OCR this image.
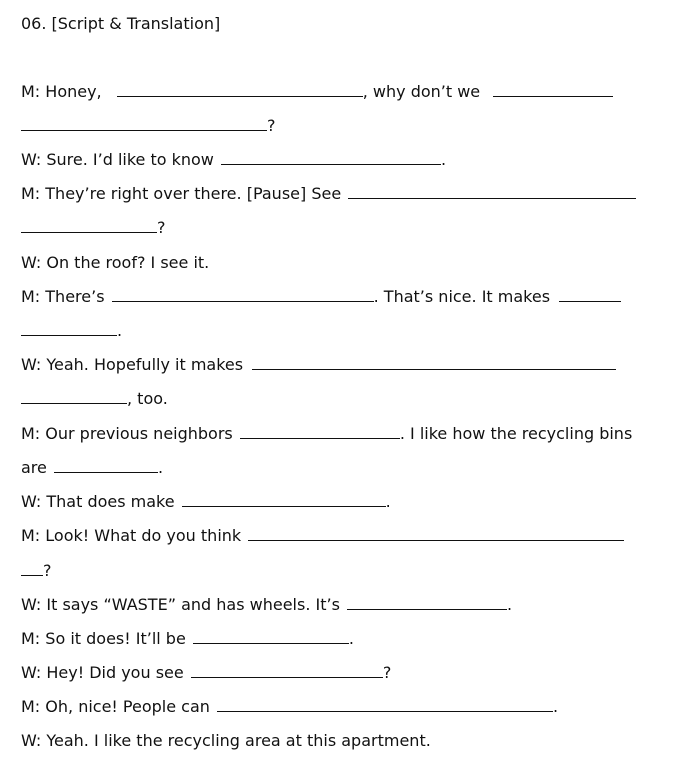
06. [Script & Translation]
M: Honey,	, why don’t we
?
W: Sure. I’d like to know	.
M: They’re right over there. [Pause] See
?
W: On the roof? I see it.
M: There’s	. That’s nice. It makes
.
W: Yeah. Hopefully it makes
, too.
M: Our previous neighbors	. I like how the recycling bins
are	.
W: That does make	.
M: Look! What do you think
?
W: It says “WASTE” and has wheels. It’s	.
M: So it does! It’ll be	.
W: Hey! Did you see	?
M: Oh, nice! People can	.
W: Yeah. I like the recycling area at this apartment.
